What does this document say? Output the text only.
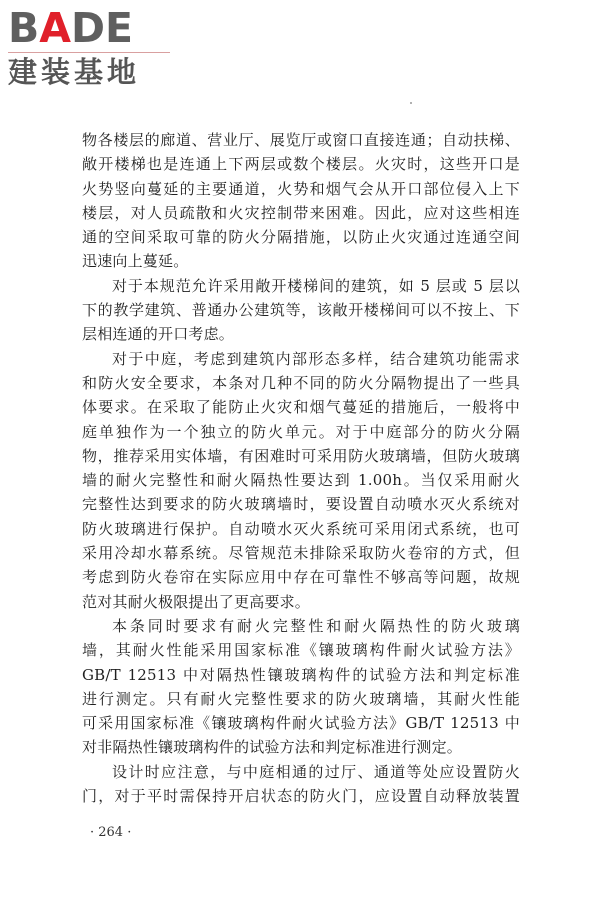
BADE
建装基地
物各楼层的廊道、营业厅、展览厅或窗口直接连通；自动扶梯、
敞开楼梯也是连通上下两层或数个楼层。火灾时，这些开口是
火势竖向蔓延的主要通道，火势和烟气会从开口部位侵入上下
楼层，对人员疏散和火灾控制带来困难。因此，应对这些相连
通的空间采取可靠的防火分隔措施，以防止火灾通过连通空间
迅速向上蔓延。
对于本规范允许采用敞开楼梯间的建筑，如 5 层或 5 层以
下的教学建筑、普通办公建筑等，该敞开楼梯间可以不按上、下
层相连通的开口考虑。
对于中庭，考虑到建筑内部形态多样，结合建筑功能需求
和防火安全要求，本条对几种不同的防火分隔物提出了一些具
体要求。在采取了能防止火灾和烟气蔓延的措施后，一般将中
庭单独作为一个独立的防火单元。对于中庭部分的防火分隔
物，推荐采用实体墙，有困难时可采用防火玻璃墙，但防火玻璃
墙的耐火完整性和耐火隔热性要达到 1.00h。当仅采用耐火
完整性达到要求的防火玻璃墙时，要设置自动喷水灭火系统对
防火玻璃进行保护。自动喷水灭火系统可采用闭式系统，也可
采用冷却水幕系统。尽管规范未排除采取防火卷帘的方式，但
考虑到防火卷帘在实际应用中存在可靠性不够高等问题，故规
范对其耐火极限提出了更高要求。
本条同时要求有耐火完整性和耐火隔热性的防火玻璃
墙，其耐火性能采用国家标准《镶玻璃构件耐火试验方法》
GB/T 12513 中对隔热性镶玻璃构件的试验方法和判定标准
进行测定。只有耐火完整性要求的防火玻璃墙，其耐火性能
可采用国家标准《镶玻璃构件耐火试验方法》GB/T 12513 中
对非隔热性镶玻璃构件的试验方法和判定标准进行测定。
设计时应注意，与中庭相通的过厅、通道等处应设置防火
门，对于平时需保持开启状态的防火门，应设置自动释放装置
· 264 ·
